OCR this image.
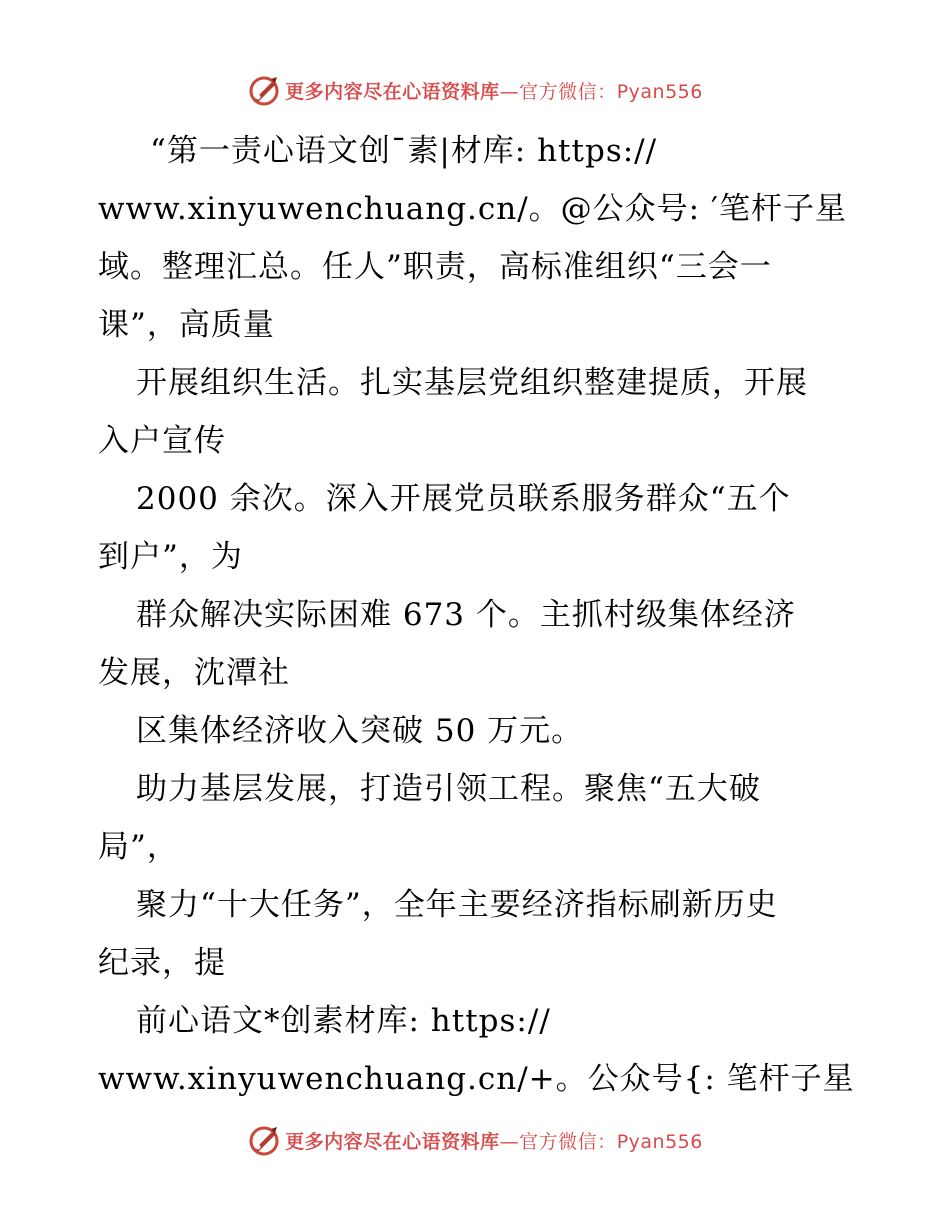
更多内容尽在心语资料库—官方微信：Pyan556
“第一责心语文创¯素|材库: https://
www.xinyuwenchuang.cn/。@公众号: ′笔杆子星
域。整理汇总。任人”职责，高标准组织“三会一
课”，高质量
开展组织生活。扎实基层党组织整建提质，开展
入户宣传
2000 余次。深入开展党员联系服务群众“五个
到户”，为
群众解决实际困难 673 个。主抓村级集体经济
发展，沈潭社
区集体经济收入突破 50 万元。
助力基层发展，打造引领工程。聚焦“五大破
局”，
聚力“十大任务”，全年主要经济指标刷新历史
纪录，提
前心语文*创素材库: https://
www.xinyuwenchuang.cn/+。公众号{: 笔杆子星
更多内容尽在心语资料库—官方微信：Pyan556
